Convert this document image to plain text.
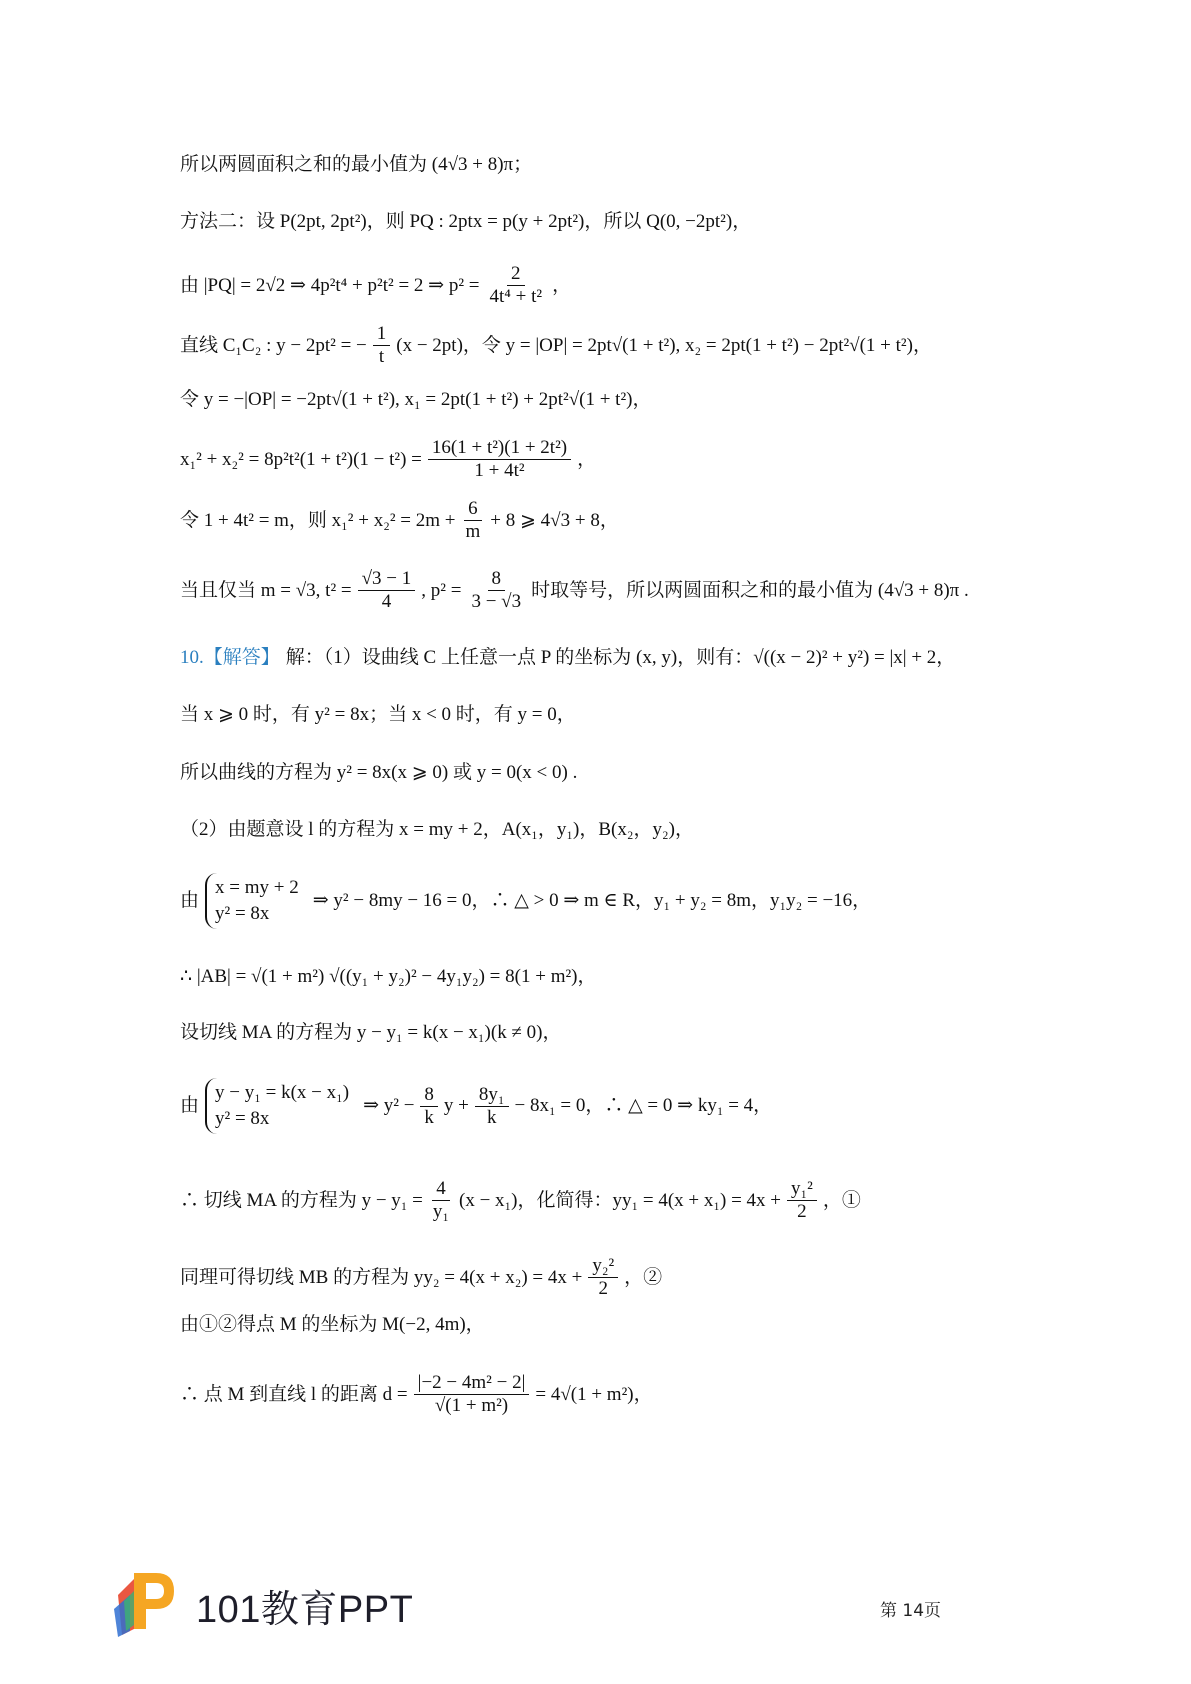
所以两圆面积之和的最小值为 (4√3 + 8)π；
方法二：设 P(2pt, 2pt²)，则 PQ : 2ptx = p(y + 2pt²)，所以 Q(0, −2pt²)，
由 |PQ| = 2√2 ⇒ 4p²t⁴ + p²t² = 2 ⇒ $p^2 = \frac{2}{\text{4t⁴ + t²}}$ ，
直线 C₁C₂ : y − 2pt² = − $\frac{1}{t} (x - 2pt)$，令 y = |OP| = 2pt√(1 + t²), x₂ = 2pt(1 + t²) − 2pt²√(1 + t²)，
令 y = −|OP| = −2pt√(1 + t²), x₁ = 2pt(1 + t²) + 2pt²√(1 + t²)，
$x_1^2 + x_2^2 = 8p^2t^2(1 + t^2)(1 - t^2) = \frac{\text{16(1 + t²)(1 + 2t²)}}{\text{1 + 4t²}}$ ，
令 1 + 4t² = m，则 $x_1^2 + x_2^2 = 2m + \frac{6}{m} + 8$ ⩾ 4√3 + 8，
当且仅当 m = √3, $t^2 = \frac{√3 - 1}{4}$ , $p^2 = \frac{8}{3 - √3}$ 时取等号，所以两圆面积之和的最小值为 (4√3 + 8)π .
10.【解答】 解：（1）设曲线 C 上任意一点 P 的坐标为 (x, y)，则有：√((x − 2)² + y²) = |x| + 2，
当 x ⩾ 0 时，有 y² = 8x；当 x < 0 时，有 y = 0，
所以曲线的方程为 y² = 8x(x ⩾ 0) 或 y = 0(x < 0) .
（2）由题意设 l 的方程为 x = my + 2，A(x₁，y₁)，B(x₂，y₂)，
由
x = my + 2
y² = 8x
⇒ y² − 8my − 16 = 0，∴ △ > 0 ⇒ m ∈ R，y₁ + y₂ = 8m，y₁y₂ = −16，
∴ |AB| = √(1 + m²) √((y₁ + y₂)² − 4y₁y₂) = 8(1 + m²)，
设切线 MA 的方程为 y − y₁ = k(x − x₁)(k ≠ 0)，
由
y − y₁ = k(x − x₁)
y² = 8x
⇒ $y^2 - \frac{8}{k}$ $y + \frac{\text{8y₁}}{k} - 8x_1 = 0$，∴ △ = 0 ⇒ ky₁ = 4，
∴ 切线 MA 的方程为 $y - y_1 = \frac{4}{\text{y₁}} (x - x_1)$，化简得：$yy_1 = 4(x + x_1) = 4x + \frac{\text{y₁²}}{2}$ ，①
同理可得切线 MB 的方程为 $yy_2 = 4(x + x_2) = 4x + \frac{\text{y₂²}}{2}$ ，②
由①②得点 M 的坐标为 M(−2, 4m)，
∴ 点 M 到直线 l 的距离 $d = \frac{\text{|−2 − 4m² − 2|}}{\text{√(1 + m²)}} = 4√(1 + m^2)$，
101教育PPT	第 14页
